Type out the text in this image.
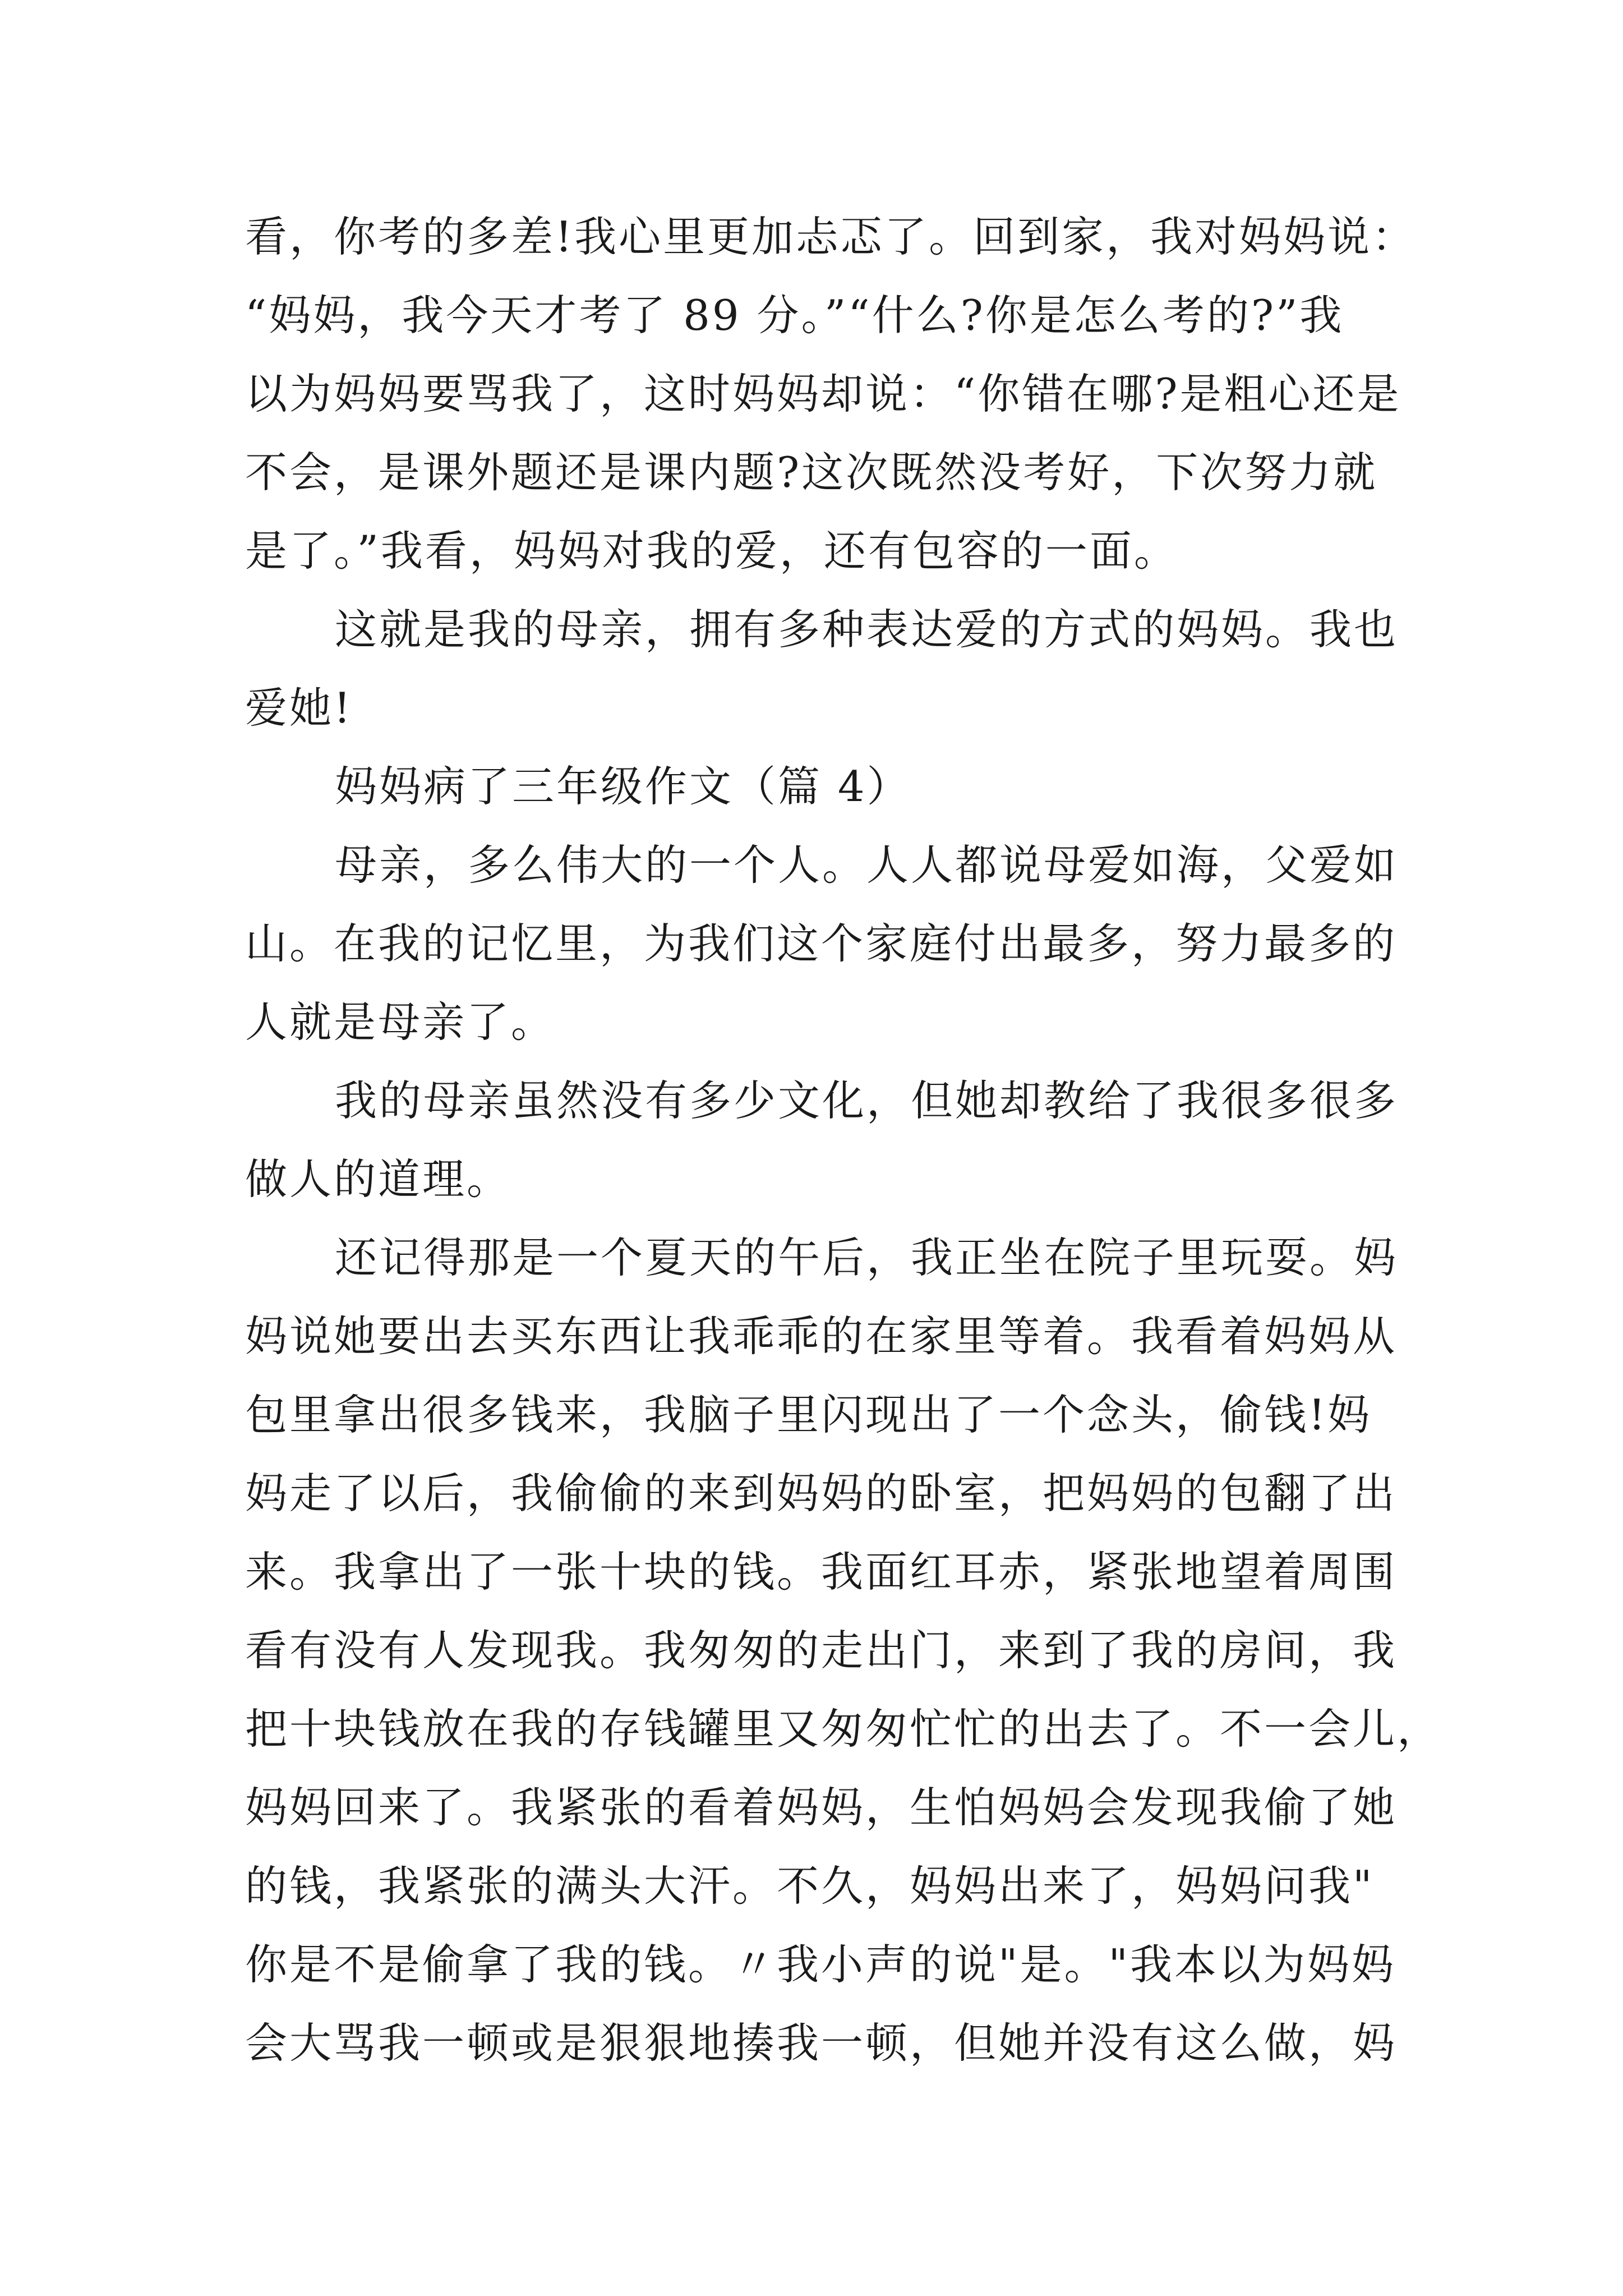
看，你考的多差!我心里更加忐忑了。回到家，我对妈妈说：
“妈妈，我今天才考了 89 分。”“什么?你是怎么考的?”我
以为妈妈要骂我了，这时妈妈却说：“你错在哪?是粗心还是
不会，是课外题还是课内题?这次既然没考好，下次努力就
是了。”我看，妈妈对我的爱，还有包容的一面。
这就是我的母亲，拥有多种表达爱的方式的妈妈。我也
爱她!
妈妈病了三年级作文（篇 4）
母亲，多么伟大的一个人。人人都说母爱如海，父爱如
山。在我的记忆里，为我们这个家庭付出最多，努力最多的
人就是母亲了。
我的母亲虽然没有多少文化，但她却教给了我很多很多
做人的道理。
还记得那是一个夏天的午后，我正坐在院子里玩耍。妈
妈说她要出去买东西让我乖乖的在家里等着。我看着妈妈从
包里拿出很多钱来，我脑子里闪现出了一个念头，偷钱!妈
妈走了以后，我偷偷的来到妈妈的卧室，把妈妈的包翻了出
来。我拿出了一张十块的钱。我面红耳赤，紧张地望着周围
看有没有人发现我。我匆匆的走出门，来到了我的房间，我
把十块钱放在我的存钱罐里又匆匆忙忙的出去了。不一会儿，
妈妈回来了。我紧张的看着妈妈，生怕妈妈会发现我偷了她
的钱，我紧张的满头大汗。不久，妈妈出来了，妈妈问我"
你是不是偷拿了我的钱。〃我小声的说"是。"我本以为妈妈
会大骂我一顿或是狠狠地揍我一顿，但她并没有这么做，妈
